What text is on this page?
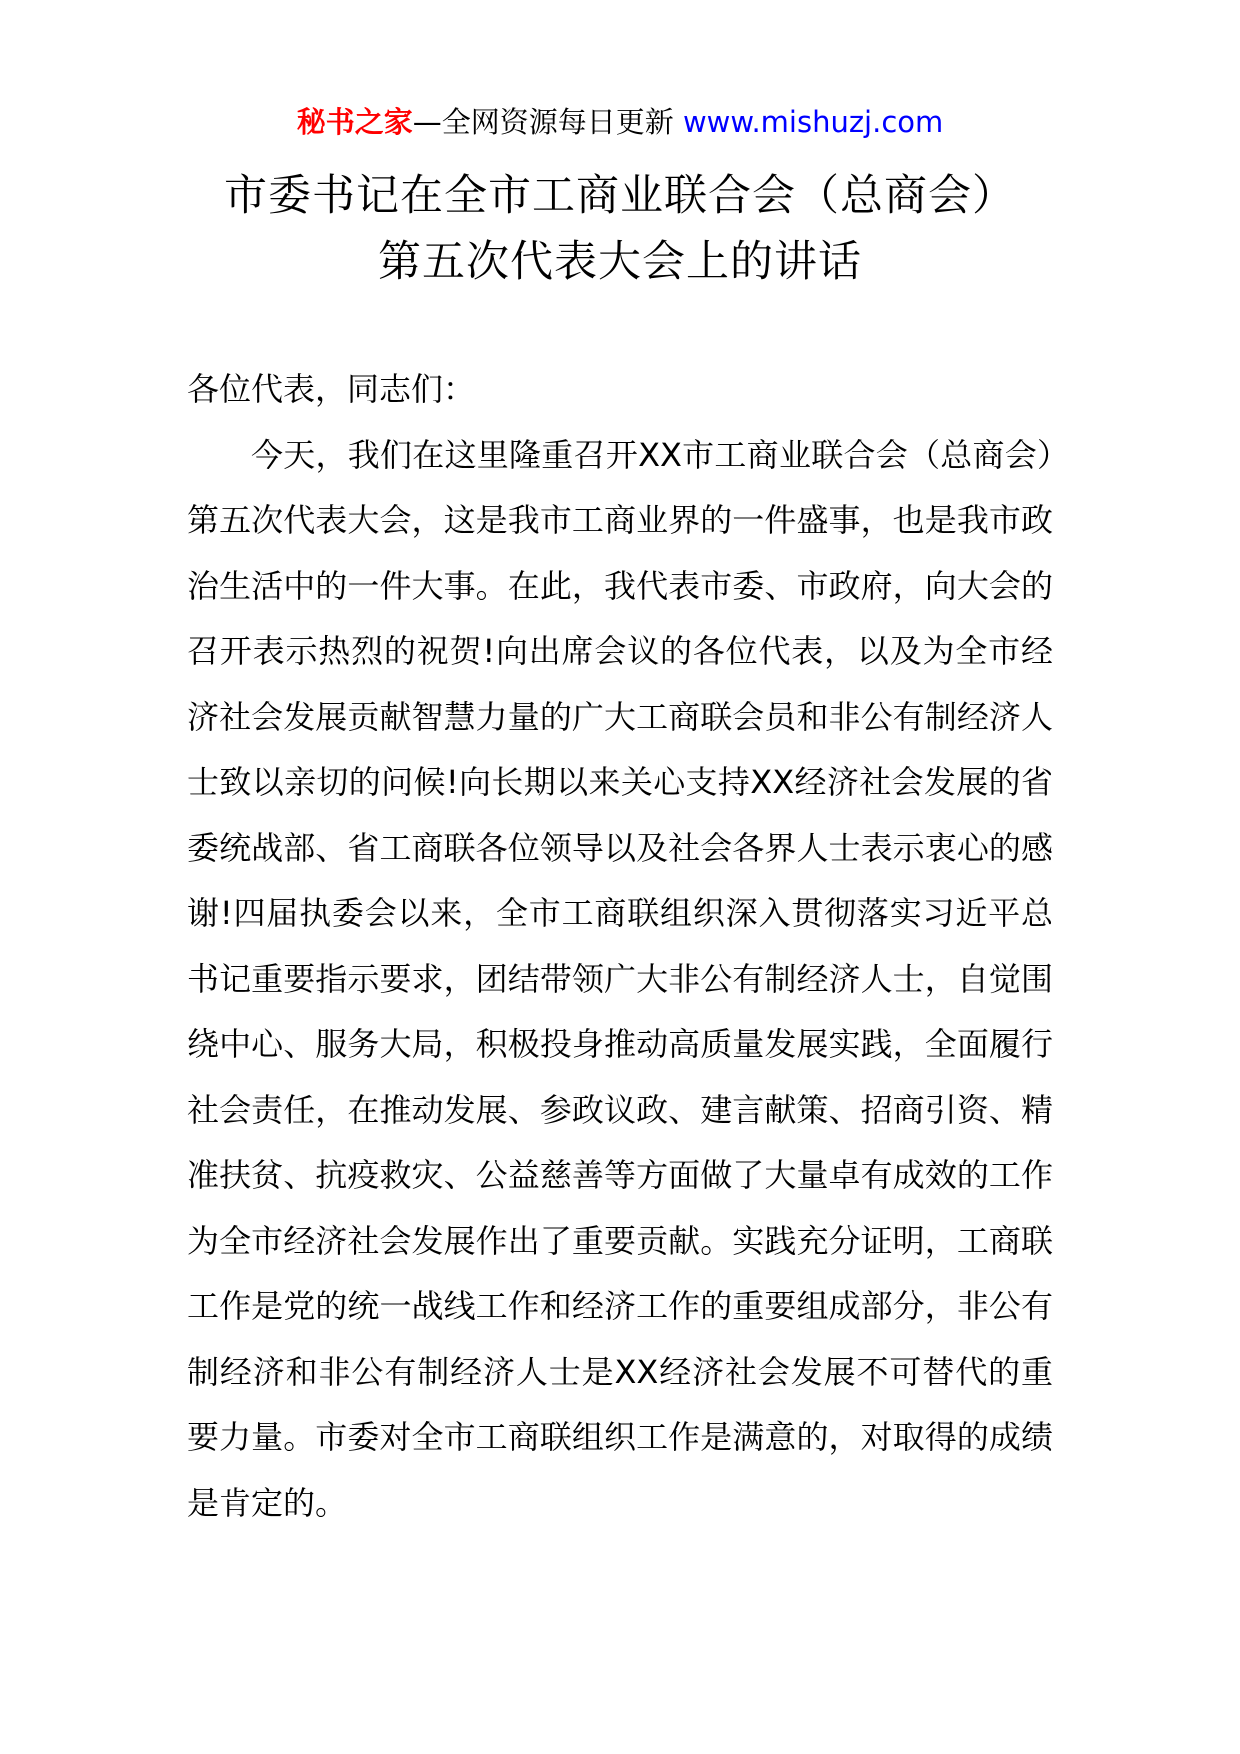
秘书之家—全网资源每日更新 www.mishuzj.com
市委书记在全市工商业联合会（总商会）
第五次代表大会上的讲话

各位代表，同志们：

今天，我们在这里隆重召开XX市工商业联合会（总商会）第五次代表大会，这是我市工商业界的一件盛事，也是我市政治生活中的一件大事。在此，我代表市委、市政府，向大会的召开表示热烈的祝贺!向出席会议的各位代表，以及为全市经济社会发展贡献智慧力量的广大工商联会员和非公有制经济人士致以亲切的问候!向长期以来关心支持XX经济社会发展的省委统战部、省工商联各位领导以及社会各界人士表示衷心的感谢!四届执委会以来，全市工商联组织深入贯彻落实习近平总书记重要指示要求，团结带领广大非公有制经济人士，自觉围绕中心、服务大局，积极投身推动高质量发展实践，全面履行社会责任，在推动发展、参政议政、建言献策、招商引资、精准扶贫、抗疫救灾、公益慈善等方面做了大量卓有成效的工作为全市经济社会发展作出了重要贡献。实践充分证明，工商联工作是党的统一战线工作和经济工作的重要组成部分，非公有制经济和非公有制经济人士是XX经济社会发展不可替代的重要力量。市委对全市工商联组织工作是满意的，对取得的成绩是肯定的。
